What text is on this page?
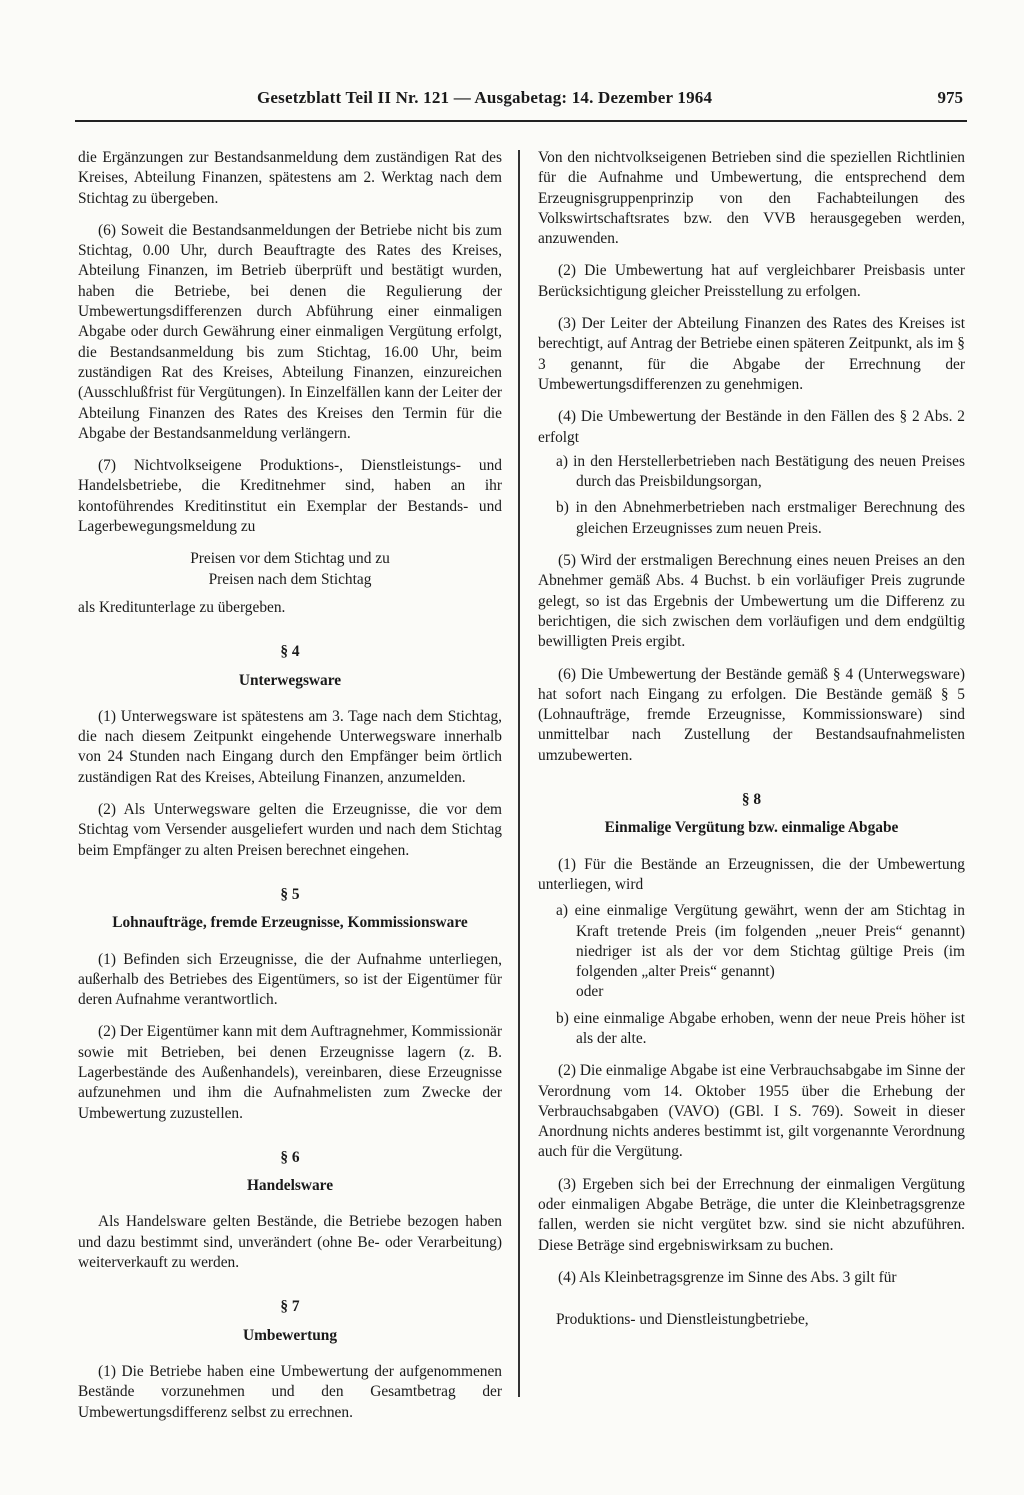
Gesetzblatt Teil II Nr. 121 — Ausgabetag: 14. Dezember 1964	975

die Ergänzungen zur Bestandsanmeldung dem zuständigen Rat des Kreises, Abteilung Finanzen, spätestens am 2. Werktag nach dem Stichtag zu übergeben.

(6) Soweit die Bestandsanmeldungen der Betriebe nicht bis zum Stichtag, 0.00 Uhr, durch Beauftragte des Rates des Kreises, Abteilung Finanzen, im Betrieb überprüft und bestätigt wurden, haben die Betriebe, bei denen die Regulierung der Umbewertungsdifferenzen durch Abführung einer einmaligen Abgabe oder durch Gewährung einer einmaligen Vergütung erfolgt, die Bestandsanmeldung bis zum Stichtag, 16.00 Uhr, beim zuständigen Rat des Kreises, Abteilung Finanzen, einzureichen (Ausschlußfrist für Vergütungen). In Einzelfällen kann der Leiter der Abteilung Finanzen des Rates des Kreises den Termin für die Abgabe der Bestandsanmeldung verlängern.

(7) Nichtvolkseigene Produktions-, Dienstleistungs- und Handelsbetriebe, die Kreditnehmer sind, haben an ihr kontoführendes Kreditinstitut ein Exemplar der Bestands- und Lagerbewegungsmeldung zu

Preisen vor dem Stichtag und zu
Preisen nach dem Stichtag

als Kreditunterlage zu übergeben.

§ 4
Unterwegsware

(1) Unterwegsware ist spätestens am 3. Tage nach dem Stichtag, die nach diesem Zeitpunkt eingehende Unterwegsware innerhalb von 24 Stunden nach Eingang durch den Empfänger beim örtlich zuständigen Rat des Kreises, Abteilung Finanzen, anzumelden.

(2) Als Unterwegsware gelten die Erzeugnisse, die vor dem Stichtag vom Versender ausgeliefert wurden und nach dem Stichtag beim Empfänger zu alten Preisen berechnet eingehen.

§ 5
Lohnaufträge, fremde Erzeugnisse, Kommissionsware

(1) Befinden sich Erzeugnisse, die der Aufnahme unterliegen, außerhalb des Betriebes des Eigentümers, so ist der Eigentümer für deren Aufnahme verantwortlich.

(2) Der Eigentümer kann mit dem Auftragnehmer, Kommissionär sowie mit Betrieben, bei denen Erzeugnisse lagern (z. B. Lagerbestände des Außenhandels), vereinbaren, diese Erzeugnisse aufzunehmen und ihm die Aufnahmelisten zum Zwecke der Umbewertung zuzustellen.

§ 6
Handelsware

Als Handelsware gelten Bestände, die Betriebe bezogen haben und dazu bestimmt sind, unverändert (ohne Be- oder Verarbeitung) weiterverkauft zu werden.

§ 7
Umbewertung

(1) Die Betriebe haben eine Umbewertung der aufgenommenen Bestände vorzunehmen und den Gesamtbetrag der Umbewertungsdifferenz selbst zu errechnen.

Von den nichtvolkseigenen Betrieben sind die speziellen Richtlinien für die Aufnahme und Umbewertung, die entsprechend dem Erzeugnisgruppenprinzip von den Fachabteilungen des Volkswirtschaftsrates bzw. den VVB herausgegeben werden, anzuwenden.

(2) Die Umbewertung hat auf vergleichbarer Preisbasis unter Berücksichtigung gleicher Preisstellung zu erfolgen.

(3) Der Leiter der Abteilung Finanzen des Rates des Kreises ist berechtigt, auf Antrag der Betriebe einen späteren Zeitpunkt, als im § 3 genannt, für die Abgabe der Errechnung der Umbewertungsdifferenzen zu genehmigen.

(4) Die Umbewertung der Bestände in den Fällen des § 2 Abs. 2 erfolgt

a) in den Herstellerbetrieben nach Bestätigung des neuen Preises durch das Preisbildungsorgan,

b) in den Abnehmerbetrieben nach erstmaliger Berechnung des gleichen Erzeugnisses zum neuen Preis.

(5) Wird der erstmaligen Berechnung eines neuen Preises an den Abnehmer gemäß Abs. 4 Buchst. b ein vorläufiger Preis zugrunde gelegt, so ist das Ergebnis der Umbewertung um die Differenz zu berichtigen, die sich zwischen dem vorläufigen und dem endgültig bewilligten Preis ergibt.

(6) Die Umbewertung der Bestände gemäß § 4 (Unterwegsware) hat sofort nach Eingang zu erfolgen. Die Bestände gemäß § 5 (Lohnaufträge, fremde Erzeugnisse, Kommissionsware) sind unmittelbar nach Zustellung der Bestandsaufnahmelisten umzubewerten.

§ 8
Einmalige Vergütung bzw. einmalige Abgabe

(1) Für die Bestände an Erzeugnissen, die der Umbewertung unterliegen, wird

a) eine einmalige Vergütung gewährt, wenn der am Stichtag in Kraft tretende Preis (im folgenden „neuer Preis“ genannt) niedriger ist als der vor dem Stichtag gültige Preis (im folgenden „alter Preis“ genannt)

oder

b) eine einmalige Abgabe erhoben, wenn der neue Preis höher ist als der alte.

(2) Die einmalige Abgabe ist eine Verbrauchsabgabe im Sinne der Verordnung vom 14. Oktober 1955 über die Erhebung der Verbrauchsabgaben (VAVO) (GBl. I S. 769). Soweit in dieser Anordnung nichts anderes bestimmt ist, gilt vorgenannte Verordnung auch für die Vergütung.

(3) Ergeben sich bei der Errechnung der einmaligen Vergütung oder einmaligen Abgabe Beträge, die unter die Kleinbetragsgrenze fallen, werden sie nicht vergütet bzw. sind sie nicht abzuführen. Diese Beträge sind ergebniswirksam zu buchen.

(4) Als Kleinbetragsgrenze im Sinne des Abs. 3 gilt für

Produktions- und Dienstleistungbetriebe,
